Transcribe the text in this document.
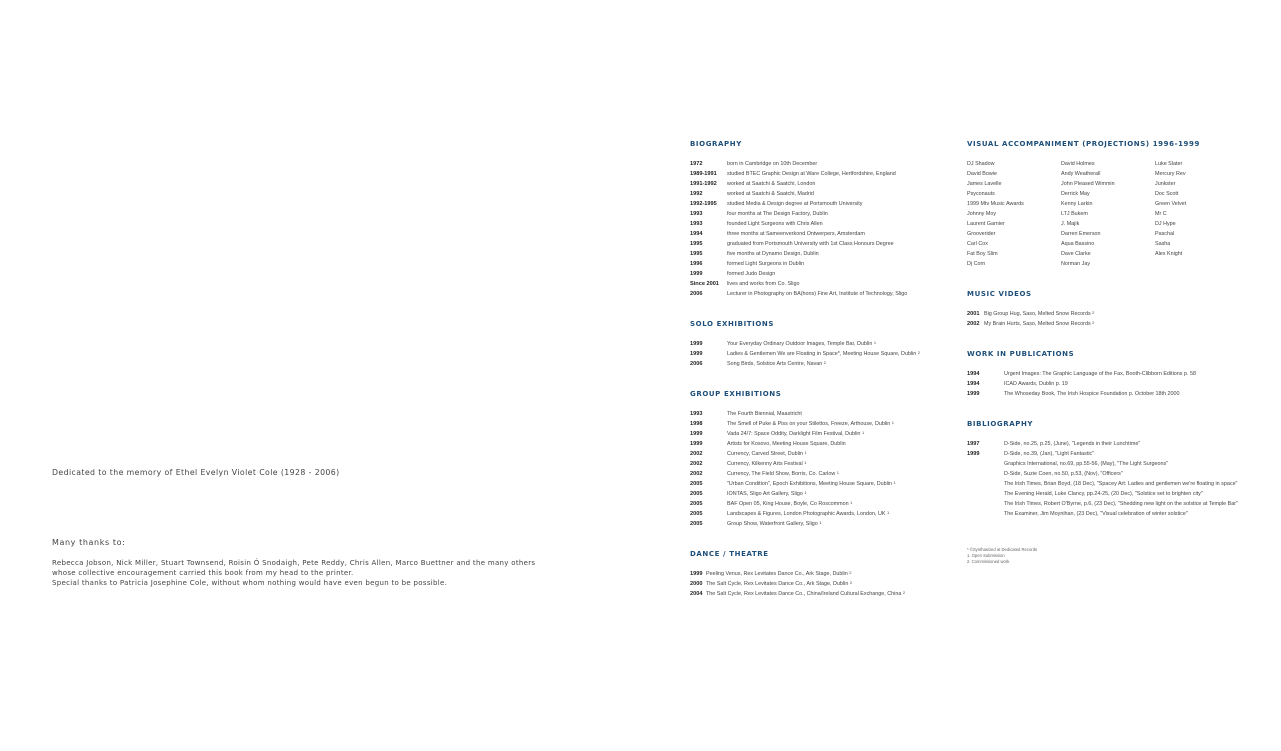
Dedicated to the memory of Ethel Evelyn Violet Cole (1928 - 2006)
Many thanks to:
Rebecca Jobson, Nick Miller, Stuart Townsend, Roisin Ó Snodaigh, Pete Reddy, Chris Allen, Marco Buettner and the many others
whose collective encouragement carried this book from my head to the printer.
Special thanks to Patricia Josephine Cole, without whom nothing would have even begun to be possible.
BIOGRAPHY
1972	born in Cambridge on 10th December
1989-1991 studied BTEC Graphic Design at Ware College, Hertfordshire, England
1991-1992 worked at Saatchi & Saatchi, London
1992	worked at Saatchi & Saatchi, Madrid
1992-1995 studied Media & Design degree at Portsmouth University
1993	four months at The Design Factory, Dublin
1993	founded Light Surgeons with Chris Allen
1994	three months at Sameenverkond Ontwerpers, Amsterdam
1995	graduated from Portsmouth University with 1st Class Honours Degree
1995	five months at Dynamo Design, Dublin
1996	formed Light Surgeons in Dublin
1999	formed Judo Design
Since 2001 lives and works from Co. Sligo
2006	Lecturer in Photography on BA(hons) Fine Art, Institute of Technology, Sligo
SOLO EXHIBITIONS
1999	Your Everyday Ordinary Outdoor Images, Temple Bar, Dublin $^1$
1999	Ladies & Gentlemen We are Floating in Space*, Meeting House Square, Dublin $^2$
2006	Song Birds, Solstice Arts Centre, Navan $^2$
GROUP EXHIBITIONS
1993	The Fourth Biennial, Maastricht
1998	The Smell of Puke & Piss on your Stilettos, Freeze, Arthouse, Dublin $^1$
1999	Vada 24/7: Space Oddity, Darklight Film Festival, Dublin $^1$
1999	Artists for Kosovo, Meeting House Square, Dublin
2002	Currency, Carved Street, Dublin $^1$
2002	Currency, Kilkenny Arts Festival $^1$
2002	Currency, The Field Show, Borris, Co. Carlow $^1$
2005	"Urban Condition", Epoch Exhibitions, Meeting House Square, Dublin $^1$
2005	IONTAS, Sligo Art Gallery, Sligo $^1$
2005	BAF Open 05, King House, Boyle, Co Roscommon $^1$
2005	Landscapes & Figures, London Photographic Awards, London, UK $^1$
2005	Group Show, Waterfront Gallery, Sligo $^1$
DANCE / THEATRE
1999 Peeling Venus, Rex Levitates Dance Co., Ark Stage, Dublin $^2$
2000 The Salt Cycle, Rex Levitates Dance Co., Ark Stage, Dublin $^2$
2004 The Salt Cycle, Rex Levitates Dance Co., China/Ireland Cultural Exchange, China $^2$
VISUAL ACCOMPANIMENT (PROJECTIONS) 1996-1999
DJ Shadow	David Holmes	Luke Slater
David Bowie	Andy Weatherall	Mercury Rev
James Lavelle	John Pleased Wimmin	Junkster
Psyconauts	Derrick May	Doc Scott
1999 Mtv Music Awards	Kenny Larkin	Green Velvet
Johnny Moy	LTJ Bukem	Mr C
Laurent Garnier	J. Majik	DJ Hype
Grooverider	Darren Emerson	Paschal
Carl Cox	Aqua Bassino	Sasha
Fat Boy Slim	Dave Clarke	Alex Knight
Dj Corn	Norman Jay
MUSIC VIDEOS
2001 Big Group Hug, Saso, Melted Snow Records $^2$
2002 My Brain Hurts, Saso, Melted Snow Records $^2$
WORK IN PUBLICATIONS
1994	Urgent Images: The Graphic Language of the Fax, Booth-Clibborn Editions p. 58
1994	ICAD Awards, Dublin p. 19
1999	The Whoseday Book, The Irish Hospice Foundation p. October 18th 2000
BIBLIOGRAPHY
1997	D-Side, no.25, p.25, (June), "Legends in their Lunchtime"
1999	D-Side, no.39, (Jan), "Light Fantastic"
Graphics International, no.69, pp.55-56, (May), "The Light Surgeons"
D-Side, Suzie Coen, no.50, p.53, (Nov), "Officers"
The Irish Times, Brian Boyd, (18 Dec), "Spacey Art: Ladies and gentlemen we're floating in space"
The Evening Herald, Luke Clancy, pp.24-25, (20 Dec), "Solstice set to brighten city"
The Irish Times, Robert O'Byrne, p.6, (23 Dec), "Shedding new light on the solstice at Temple Bar"
The Examiner, Jim Moynihan, (23 Dec), "Visual celebration of winter solstice"
* ©Synthasized at Dedicated Records
1. Open Submission
2. Commissioned work
